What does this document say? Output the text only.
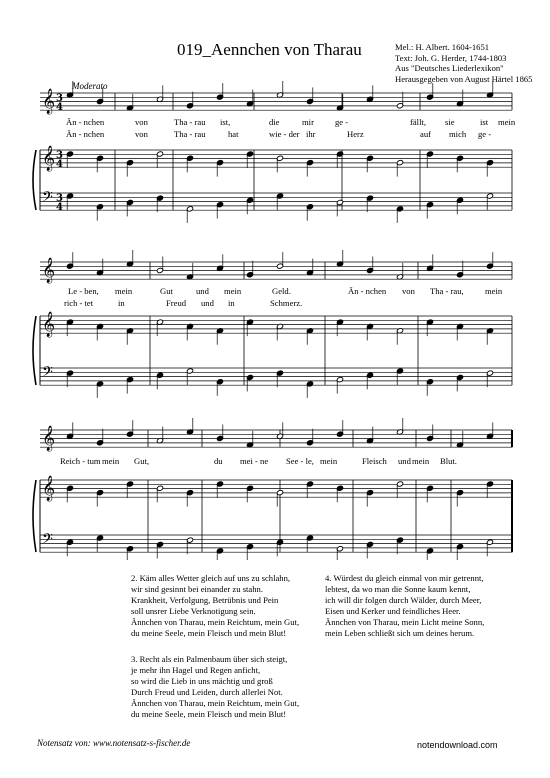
019_Aennchen von Tharau	Mel.: H. Albert. 1604-1651
Text: Joh. G. Herder, 1744-1803
Aus "Deutsches Liederlexikon"
Herausgegeben von August Härtel 1865
Moderato
𝄞
𝄞
𝄢
3
4
3
4
3
4
Än - nchen	von	Tha - rau ist,	die	mir ge -	fällt, sie	ist mein
Än - nchen	von	Tha - rau	hat	wie - der ihr	Herz	auf mich ge -
𝄞
𝄞
𝄢
Le - ben, mein	Gut	und mein	Geld.	Än - nchen von Tha - rau, mein
rich - tet	in	Freud und in	Schmerz.
𝄞
𝄞
𝄢
Reich - tum mein Gut,	du mei - ne See - le, mein	Fleisch und mein Blut.
2. Käm alles Wetter gleich auf uns zu schlahn,
wir sind gesinnt bei einander zu stahn.
Krankheit, Verfolgung, Betrübnis und Pein
soll unsrer Liebe Verknotigung sein.
Ännchen von Tharau, mein Reichtum, mein Gut,
du meine Seele, mein Fleisch und mein Blut!
3. Recht als ein Palmenbaum über sich steigt,
je mehr ihn Hagel und Regen anficht,
so wird die Lieb in uns mächtig und groß
Durch Freud und Leiden, durch allerlei Not.
Ännchen von Tharau, mein Reichtum, mein Gut,
du meine Seele, mein Fleisch und mein Blut!
4. Würdest du gleich einmal von mir getrennt,
lebtest, da wo man die Sonne kaum kennt,
ich will dir folgen durch Wälder, durch Meer,
Eisen und Kerker und feindliches Heer.
Ännchen von Tharau, mein Licht meine Sonn,
mein Leben schließt sich um deines herum.
Notensatz von: www.notensatz-s-fischer.de	notendownload.com
